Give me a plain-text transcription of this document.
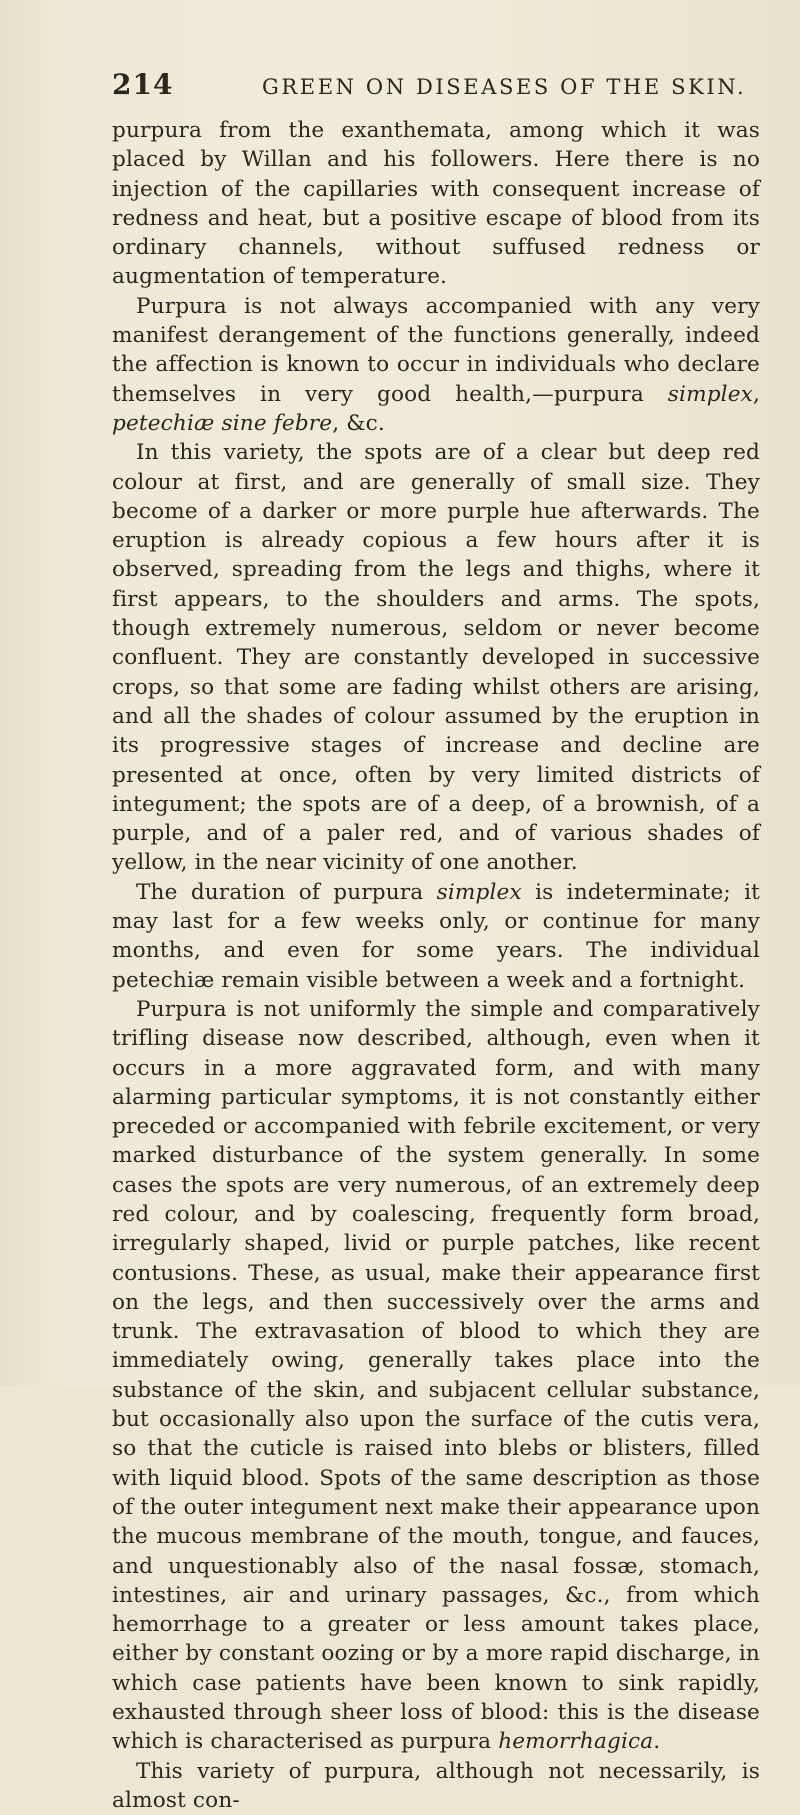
214	GREEN ON DISEASES OF THE SKIN.

purpura from the exanthemata, among which it was placed by Willan and his followers. Here there is no injection of the capillaries with consequent increase of redness and heat, but a positive escape of blood from its ordinary channels, without suffused redness or augmentation of temperature.

Purpura is not always accompanied with any very manifest derangement of the functions generally, indeed the affection is known to occur in individuals who declare themselves in very good health,—purpura simplex, petechiæ sine febre, &c.

In this variety, the spots are of a clear but deep red colour at first, and are generally of small size. They become of a darker or more purple hue afterwards. The eruption is already copious a few hours after it is observed, spreading from the legs and thighs, where it first appears, to the shoulders and arms. The spots, though extremely numerous, seldom or never become confluent. They are constantly developed in successive crops, so that some are fading whilst others are arising, and all the shades of colour assumed by the eruption in its progressive stages of increase and decline are presented at once, often by very limited districts of integument; the spots are of a deep, of a brownish, of a purple, and of a paler red, and of various shades of yellow, in the near vicinity of one another.

The duration of purpura simplex is indeterminate; it may last for a few weeks only, or continue for many months, and even for some years. The individual petechiæ remain visible between a week and a fortnight.

Purpura is not uniformly the simple and comparatively trifling disease now described, although, even when it occurs in a more aggravated form, and with many alarming particular symptoms, it is not constantly either preceded or accompanied with febrile excitement, or very marked disturbance of the system generally. In some cases the spots are very numerous, of an extremely deep red colour, and by coalescing, frequently form broad, irregularly shaped, livid or purple patches, like recent contusions. These, as usual, make their appearance first on the legs, and then successively over the arms and trunk. The extravasation of blood to which they are immediately owing, generally takes place into the substance of the skin, and subjacent cellular substance, but occasionally also upon the surface of the cutis vera, so that the cuticle is raised into blebs or blisters, filled with liquid blood. Spots of the same description as those of the outer integument next make their appearance upon the mucous membrane of the mouth, tongue, and fauces, and unquestionably also of the nasal fossæ, stomach, intestines, air and urinary passages, &c., from which hemorrhage to a greater or less amount takes place, either by constant oozing or by a more rapid discharge, in which case patients have been known to sink rapidly, exhausted through sheer loss of blood: this is the disease which is characterised as purpura hemorrhagica.

This variety of purpura, although not necessarily, is almost con-
